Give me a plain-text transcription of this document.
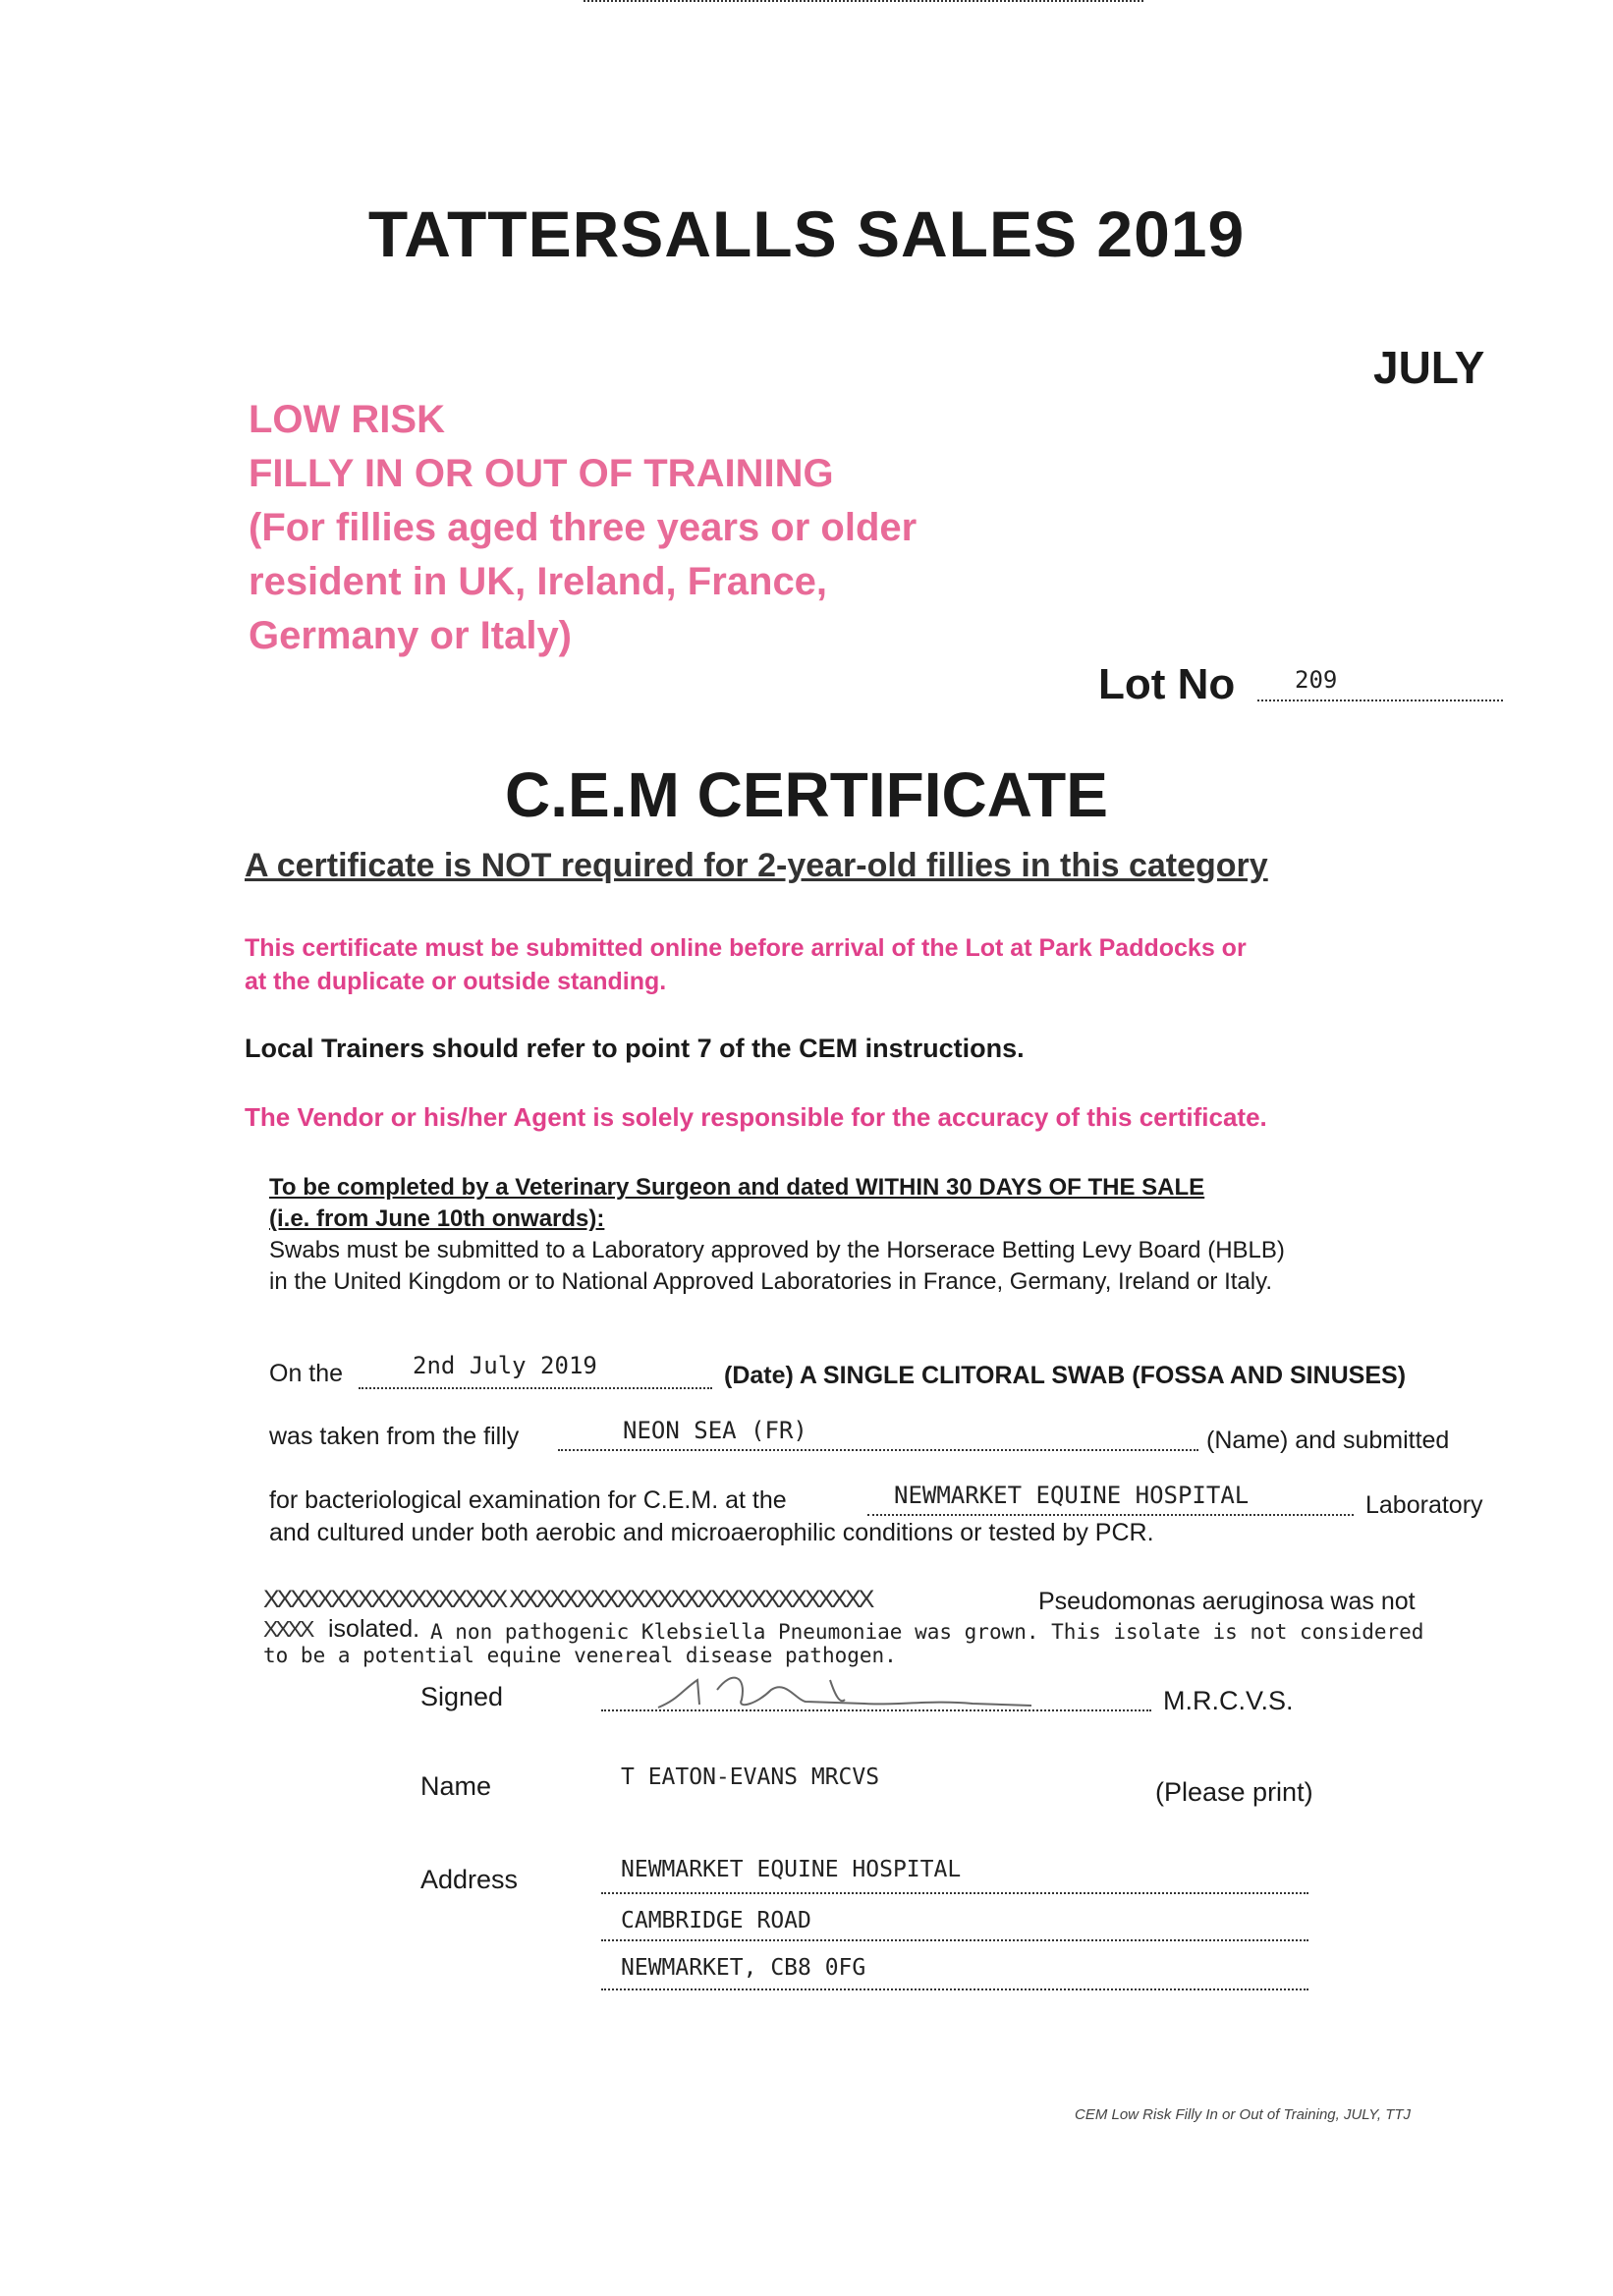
TATTERSALLS SALES 2019
JULY
LOW RISK
FILLY IN OR OUT OF TRAINING
(For fillies aged three years or older
resident in UK, Ireland, France,
Germany or Italy)
Lot No	209
C.E.M CERTIFICATE
A certificate is NOT required for 2-year-old fillies in this category
This certificate must be submitted online before arrival of the Lot at Park Paddocks or
at the duplicate or outside standing.
Local Trainers should refer to point 7 of the CEM instructions.
The Vendor or his/her Agent is solely responsible for the accuracy of this certificate.
To be completed by a Veterinary Surgeon and dated WITHIN 30 DAYS OF THE SALE
(i.e. from June 10th onwards):
Swabs must be submitted to a Laboratory approved by the Horserace Betting Levy Board (HBLB)
in the United Kingdom or to National Approved Laboratories in France, Germany, Ireland or Italy.
On the	2nd July 2019	(Date) A SINGLE CLITORAL SWAB (FOSSA AND SINUSES)
was taken from the filly	NEON SEA (FR)	(Name) and submitted
for bacteriological examination for C.E.M. at the	NEWMARKET EQUINE HOSPITAL	Laboratory
and cultured under both aerobic and microaerophilic conditions or tested by PCR.
XXXXXXXXXXXXXXXXXX XXXXXXXXXXXXXXXXXXXXXXXXXXX	Pseudomonas aeruginosa was not
XXXX isolated. A non pathogenic Klebsiella Pneumoniae was grown. This isolate is not considered
to be a potential equine venereal disease pathogen.
Signed	M.R.C.V.S.
Name	T EATON-EVANS MRCVS	(Please print)
Address	NEWMARKET EQUINE HOSPITAL
CAMBRIDGE ROAD
NEWMARKET, CB8 0FG
CEM Low Risk Filly In or Out of Training, JULY, TTJ
